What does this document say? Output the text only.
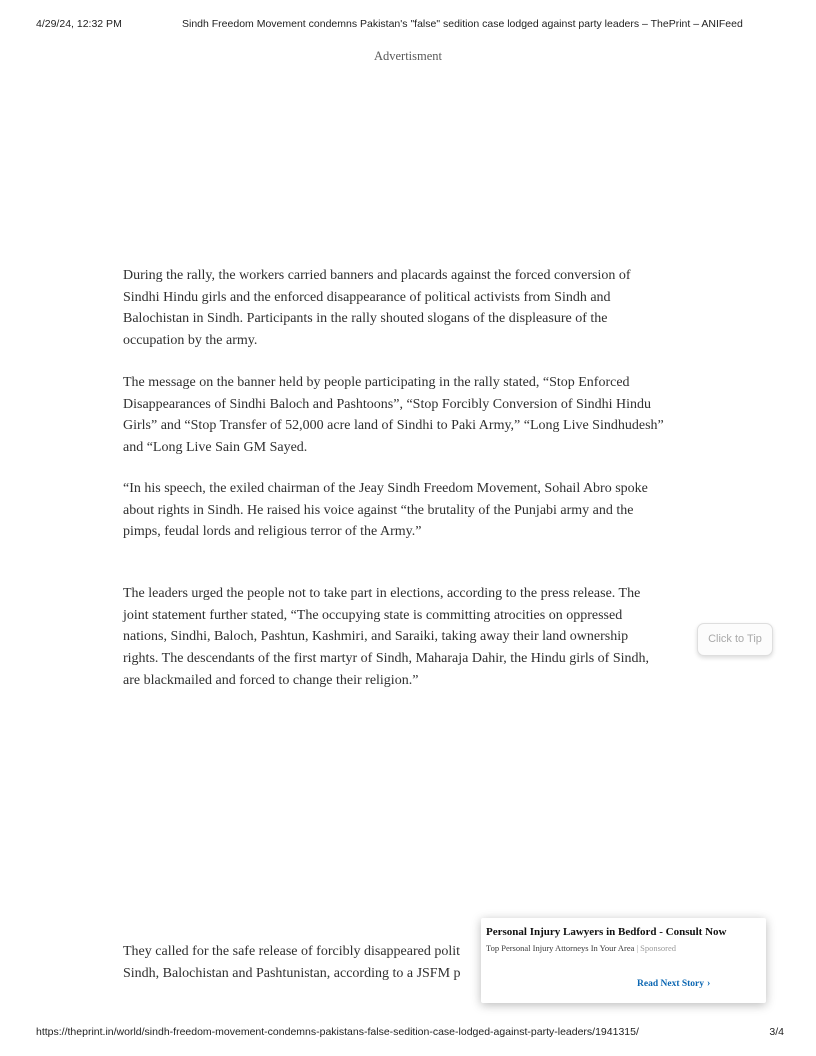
4/29/24, 12:32 PM	Sindh Freedom Movement condemns Pakistan's "false" sedition case lodged against party leaders – ThePrint – ANIFeed
Advertisment
During the rally, the workers carried banners and placards against the forced conversion of
Sindhi Hindu girls and the enforced disappearance of political activists from Sindh and
Balochistan in Sindh. Participants in the rally shouted slogans of the displeasure of the
occupation by the army.
The message on the banner held by people participating in the rally stated, “Stop Enforced
Disappearances of Sindhi Baloch and Pashtoons”, “Stop Forcibly Conversion of Sindhi Hindu
Girls” and “Stop Transfer of 52,000 acre land of Sindhi to Paki Army,” “Long Live Sindhudesh”
and “Long Live Sain GM Sayed.
“In his speech, the exiled chairman of the Jeay Sindh Freedom Movement, Sohail Abro spoke
about rights in Sindh. He raised his voice against “the brutality of the Punjabi army and the
pimps, feudal lords and religious terror of the Army.”
The leaders urged the people not to take part in elections, according to the press release. The
joint statement further stated, “The occupying state is committing atrocities on oppressed
nations, Sindhi, Baloch, Pashtun, Kashmiri, and Saraiki, taking away their land ownership
rights. The descendants of the first martyr of Sindh, Maharaja Dahir, the Hindu girls of Sindh,
are blackmailed and forced to change their religion.”
They called for the safe release of forcibly disappeared polit
Sindh, Balochistan and Pashtunistan, according to a JSFM p
Click to Tip
Personal Injury Lawyers in Bedford - Consult Now
Top Personal Injury Attorneys In Your Area | Sponsored
Read Next Story ›
https://theprint.in/world/sindh-freedom-movement-condemns-pakistans-false-sedition-case-lodged-against-party-leaders/1941315/	3/4
